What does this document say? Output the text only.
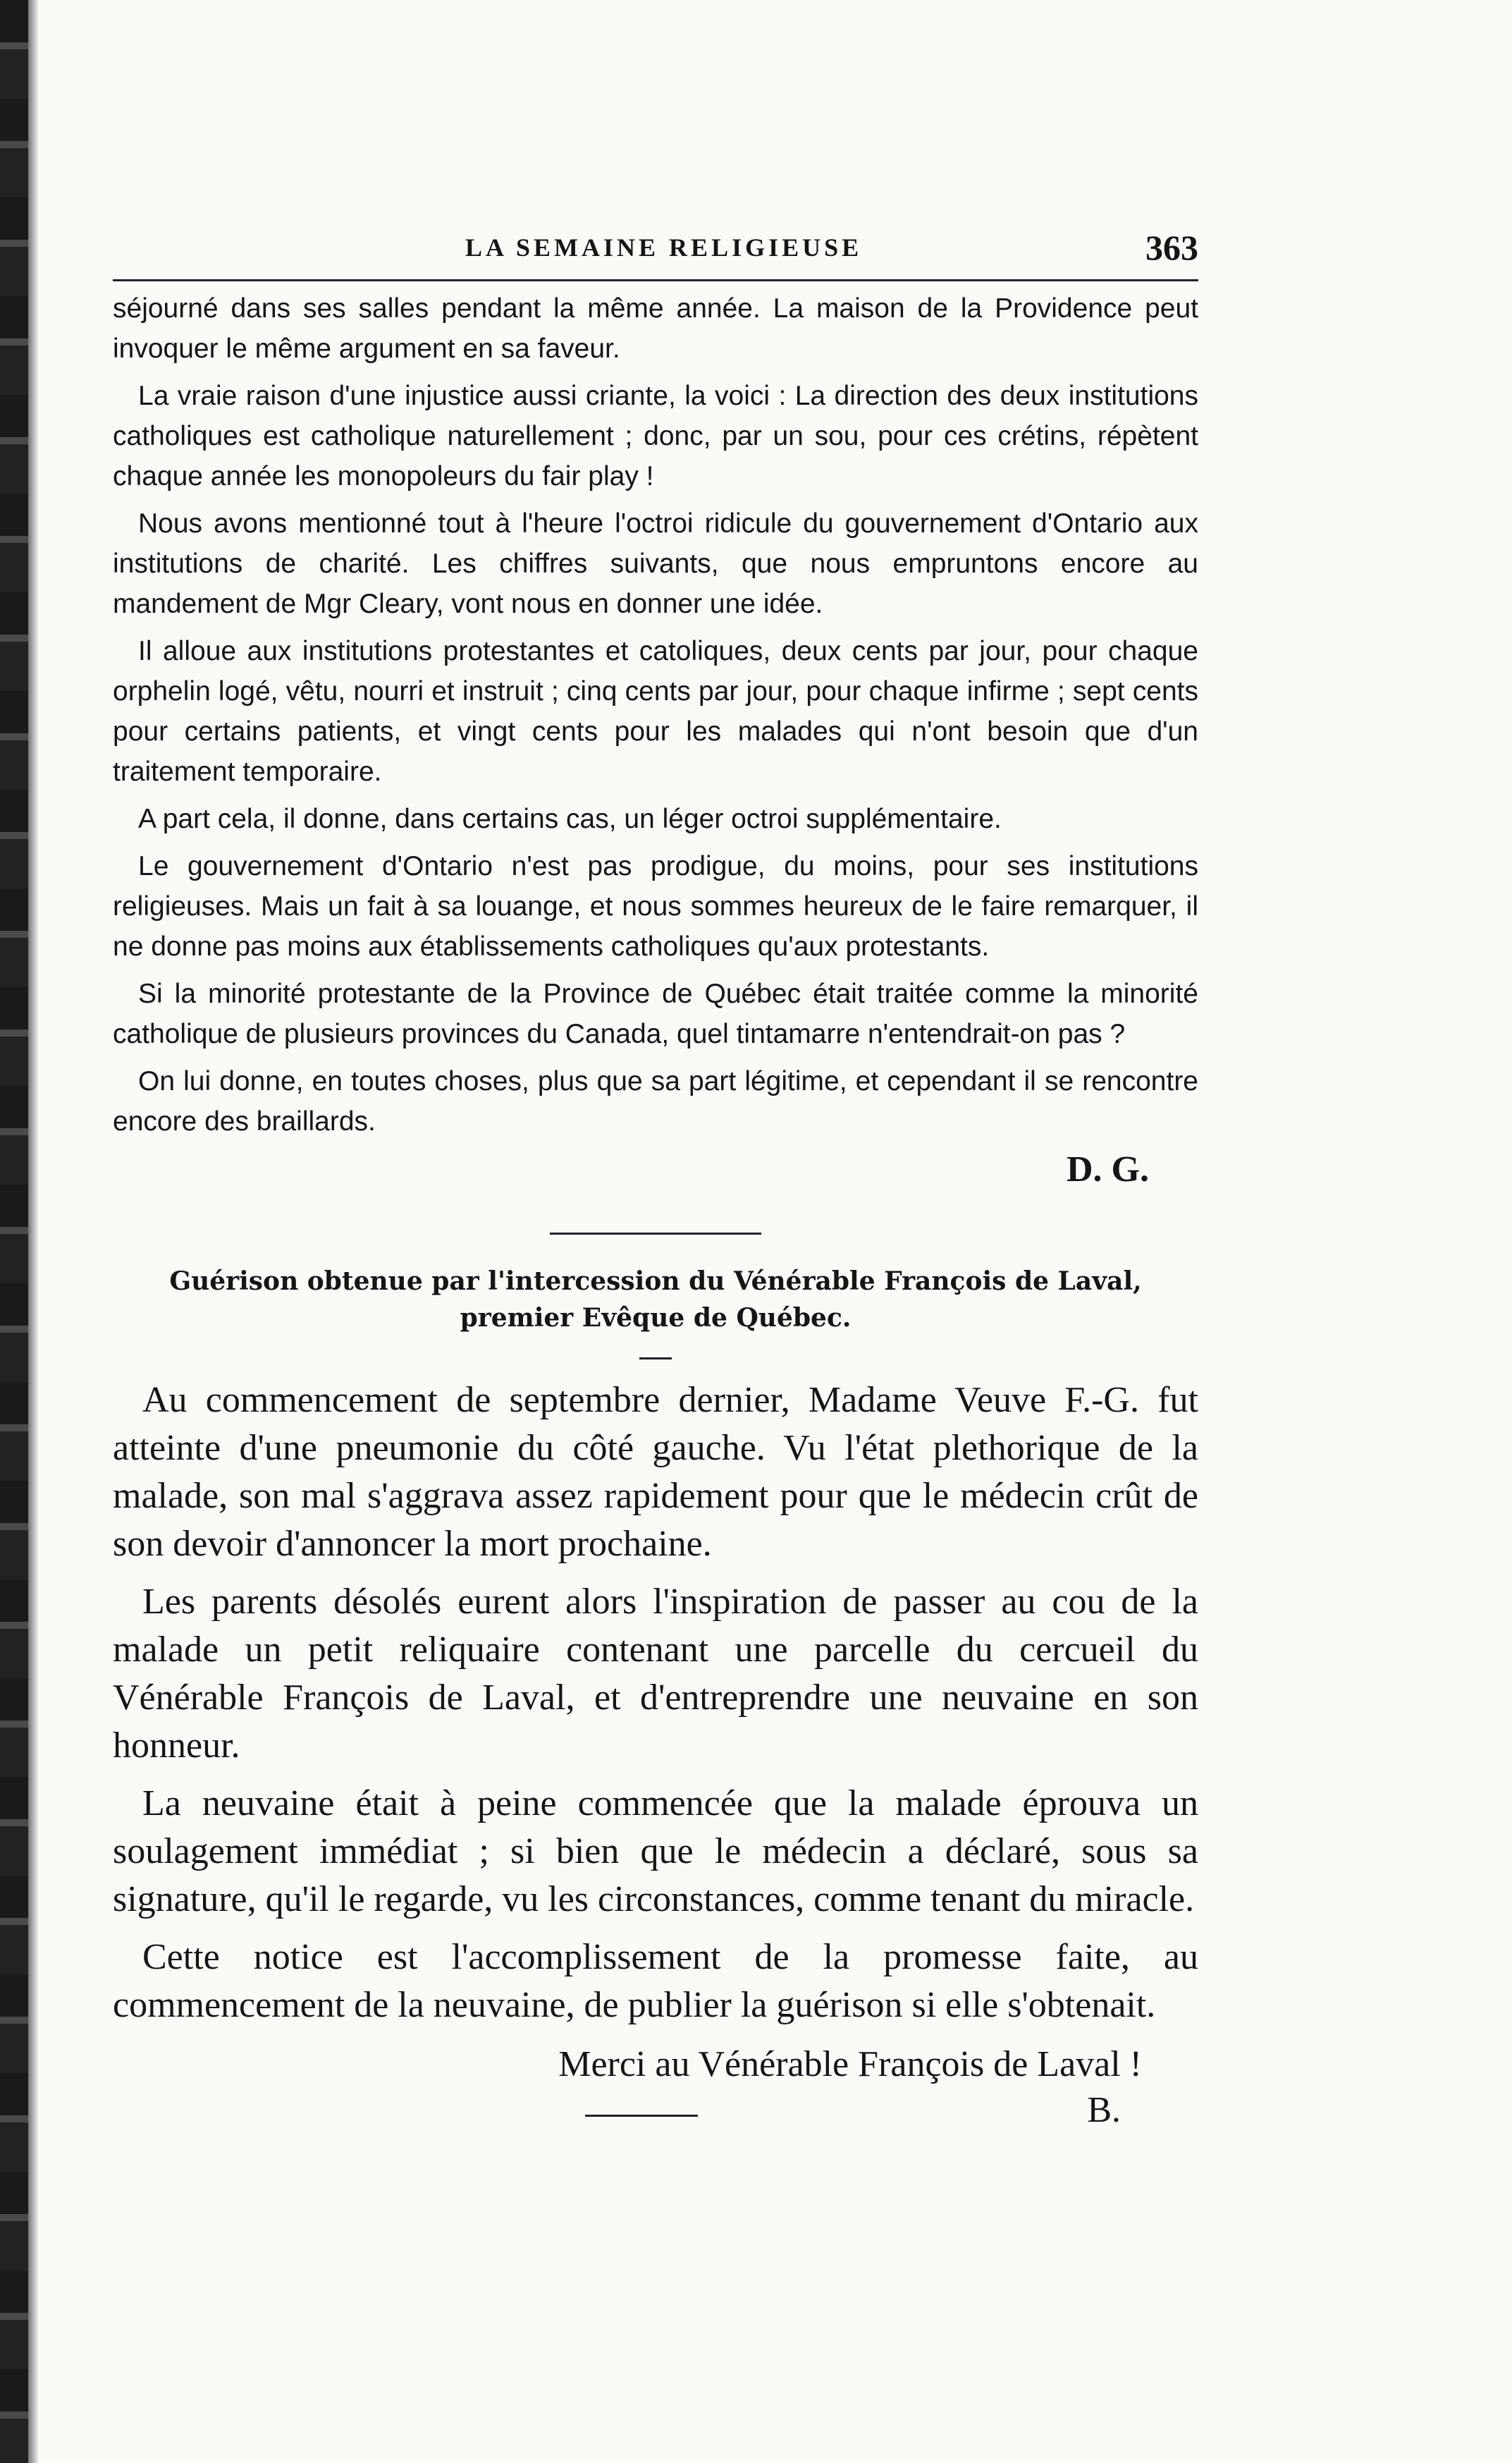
LA SEMAINE RELIGIEUSE	363

séjourné dans ses salles pendant la même année. La maison de la Providence peut invoquer le même argument en sa faveur.

La vraie raison d'une injustice aussi criante, la voici : La direction des deux institutions catholiques est catholique naturellement ; donc, par un sou, pour ces crétins, répètent chaque année les monopoleurs du fair play !

Nous avons mentionné tout à l'heure l'octroi ridicule du gouvernement d'Ontario aux institutions de charité. Les chiffres suivants, que nous empruntons encore au mandement de Mgr Cleary, vont nous en donner une idée.

Il alloue aux institutions protestantes et catoliques, deux cents par jour, pour chaque orphelin logé, vêtu, nourri et instruit ; cinq cents par jour, pour chaque infirme ; sept cents pour certains patients, et vingt cents pour les malades qui n'ont besoin que d'un traitement temporaire.

A part cela, il donne, dans certains cas, un léger octroi supplémentaire.

Le gouvernement d'Ontario n'est pas prodigue, du moins, pour ses institutions religieuses. Mais un fait à sa louange, et nous sommes heureux de le faire remarquer, il ne donne pas moins aux établissements catholiques qu'aux protestants.

Si la minorité protestante de la Province de Québec était traitée comme la minorité catholique de plusieurs provinces du Canada, quel tintamarre n'entendrait-on pas ?

On lui donne, en toutes choses, plus que sa part légitime, et cependant il se rencontre encore des braillards.

D. G.
Guérison obtenue par l'intercession du Vénérable François de Laval, premier Evêque de Québec.

Au commencement de septembre dernier, Madame Veuve F.-G. fut atteinte d'une pneumonie du côté gauche. Vu l'état plethorique de la malade, son mal s'aggrava assez rapidement pour que le médecin crût de son devoir d'annoncer la mort prochaine.

Les parents désolés eurent alors l'inspiration de passer au cou de la malade un petit reliquaire contenant une parcelle du cercueil du Vénérable François de Laval, et d'entreprendre une neuvaine en son honneur.

La neuvaine était à peine commencée que la malade éprouva un soulagement immédiat ; si bien que le médecin a déclaré, sous sa signature, qu'il le regarde, vu les circonstances, comme tenant du miracle.

Cette notice est l'accomplissement de la promesse faite, au commencement de la neuvaine, de publier la guérison si elle s'obtenait.

Merci au Vénérable François de Laval !
B.
